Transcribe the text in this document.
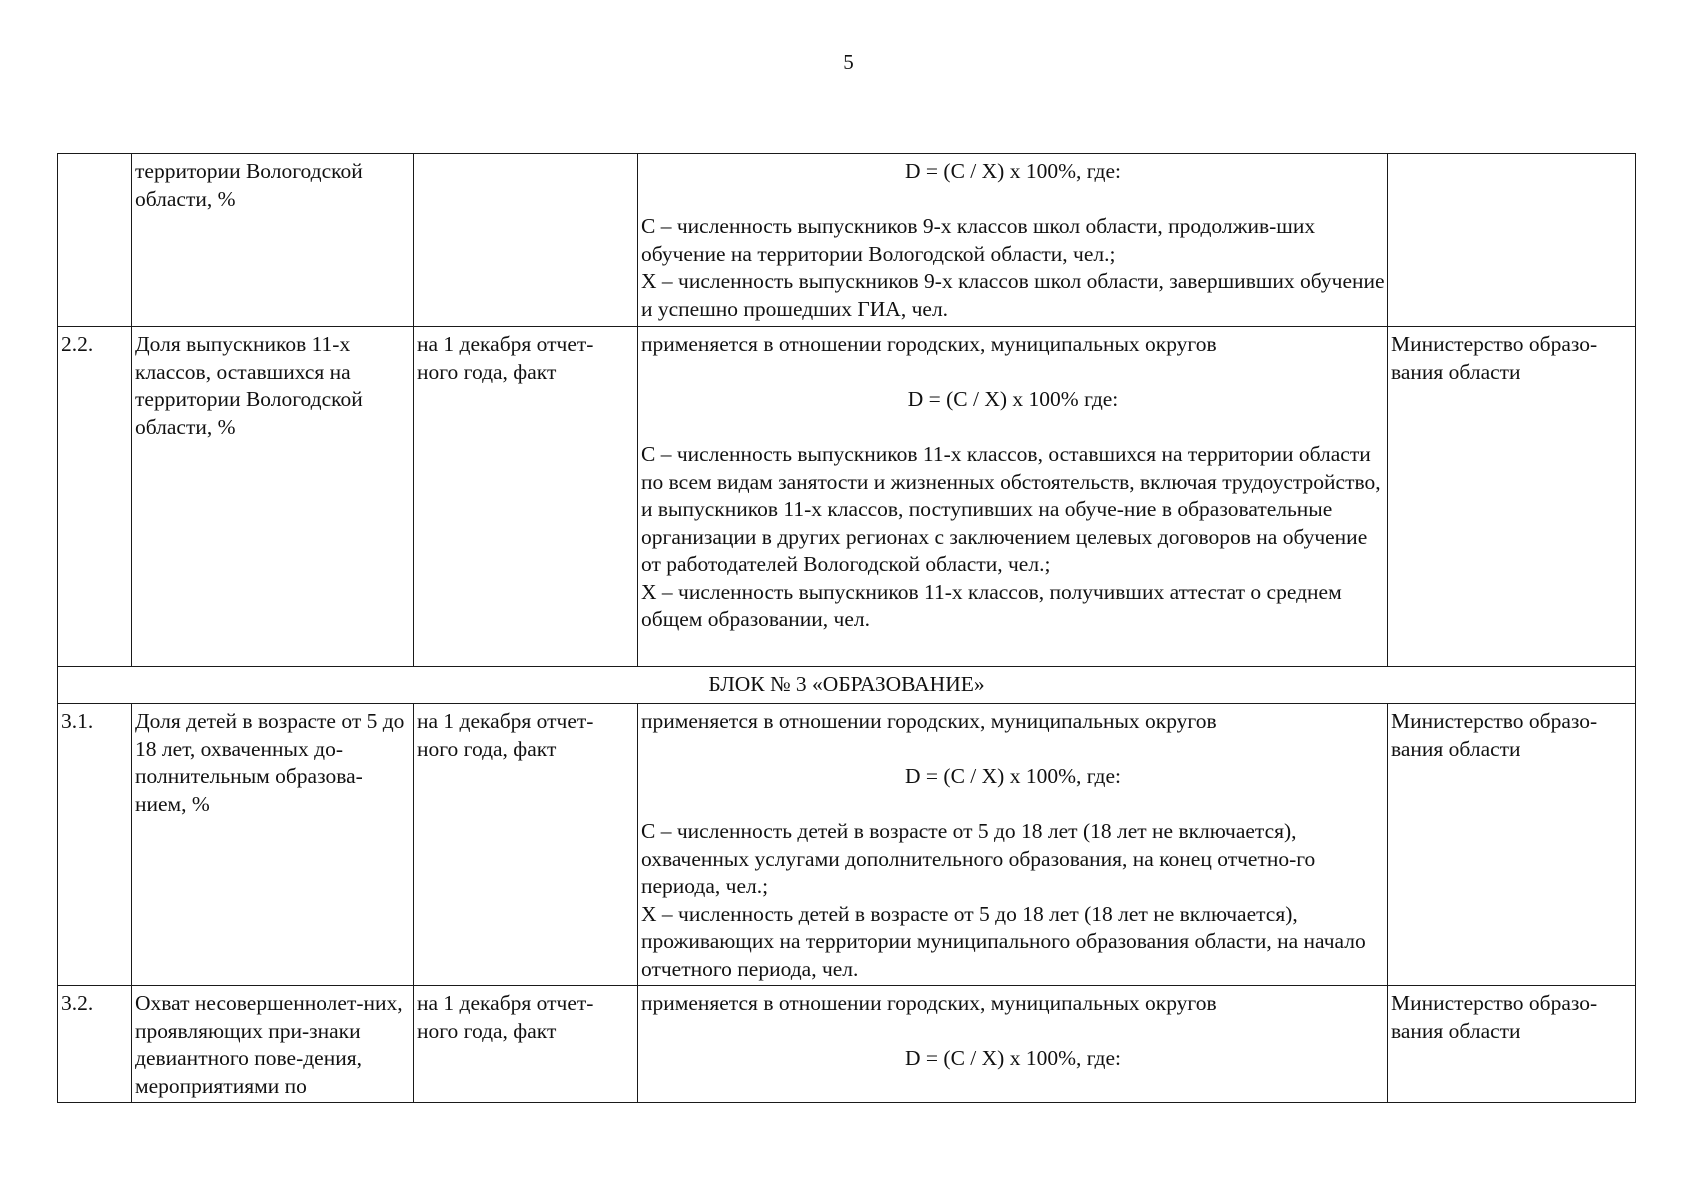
5
	территории Вологодской области, %		D = (С / Х) х 100%, где:
С – численность выпускников 9-х классов школ области, продолжив-ших обучение на территории Вологодской области, чел.;
Х – численность выпускников 9-х классов школ области, завершивших обучение и успешно прошедших ГИА, чел.	

2.2.	Доля выпускников 11-х классов, оставшихся на территории Вологодской области, %	на 1 декабря отчет-ного года, факт	применяется в отношении городских, муниципальных округов
D = (С / Х) х 100% где:
С – численность выпускников 11-х классов, оставшихся на территории области по всем видам занятости и жизненных обстоятельств, включая трудоустройство, и выпускников 11-х классов, поступивших на обуче-ние в образовательные организации в других регионах с заключением целевых договоров на обучение от работодателей Вологодской области, чел.;
Х – численность выпускников 11-х классов, получивших аттестат о среднем общем образовании, чел.	Министерство образо-вания области
БЛОК № 3 «ОБРАЗОВАНИЕ»				
3.1.	Доля детей в возрасте от 5 до 18 лет, охваченных до-полнительным образова-нием, %	на 1 декабря отчет-ного года, факт	применяется в отношении городских, муниципальных округов
D = (С / Х) х 100%, где:
С – численность детей в возрасте от 5 до 18 лет (18 лет не включается), охваченных услугами дополнительного образования, на конец отчетно-го периода, чел.;
Х – численность детей в возрасте от 5 до 18 лет (18 лет не включается), проживающих на территории муниципального образования области, на начало отчетного периода, чел.	Министерство образо-вания области
3.2.	Охват несовершеннолет-них, проявляющих при-знаки девиантного пове-дения, мероприятиями по	на 1 декабря отчет-ного года, факт	применяется в отношении городских, муниципальных округов
D = (С / Х) х 100%, где:	Министерство образо-вания области
